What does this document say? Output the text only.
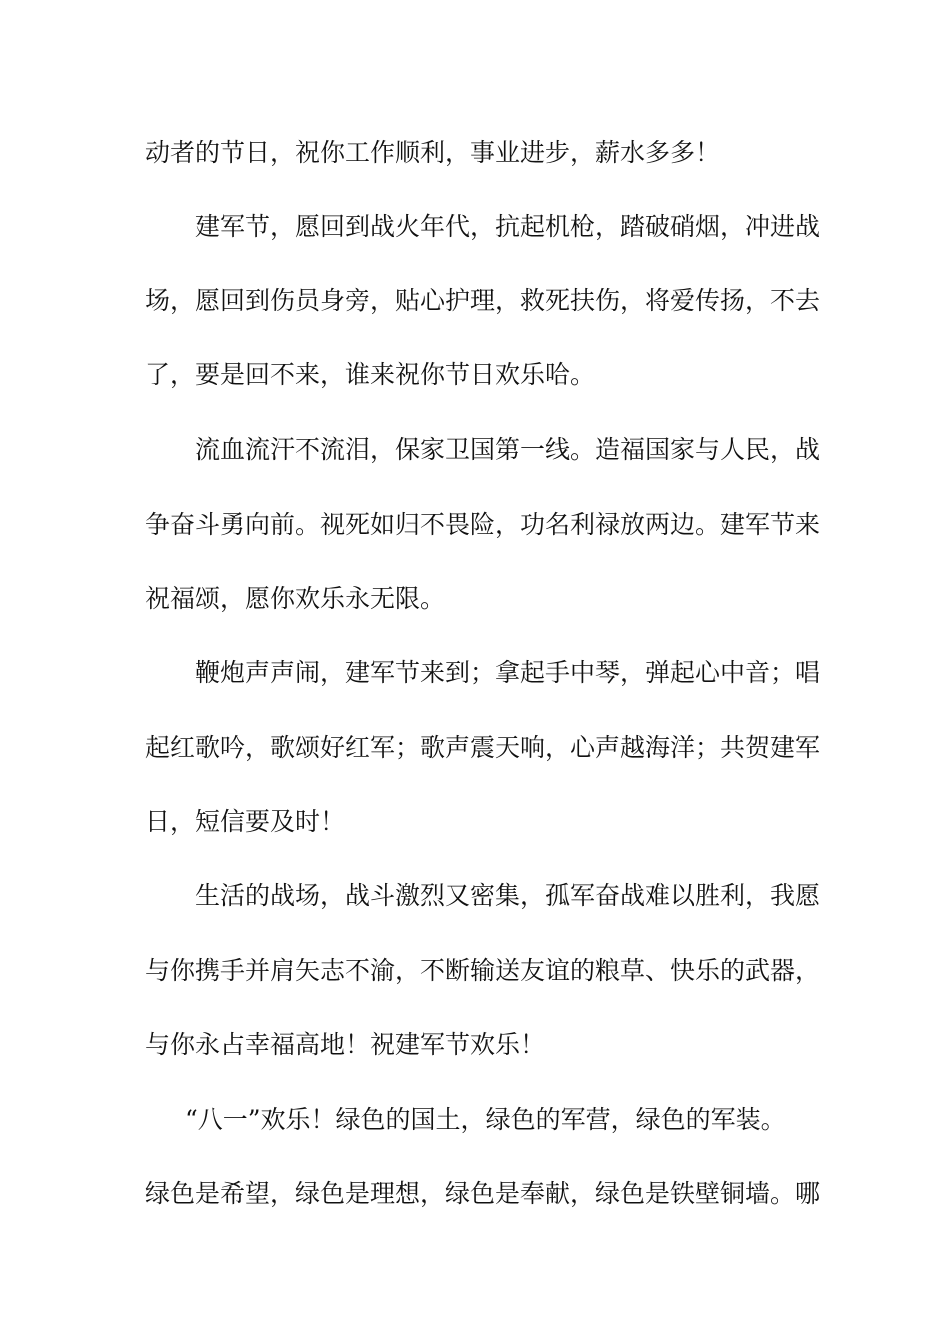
动者的节日，祝你工作顺利，事业进步，薪水多多！
建军节，愿回到战火年代，抗起机枪，踏破硝烟，冲进战
场，愿回到伤员身旁，贴心护理，救死扶伤，将爱传扬，不去
了，要是回不来，谁来祝你节日欢乐哈。
流血流汗不流泪，保家卫国第一线。造福国家与人民，战
争奋斗勇向前。视死如归不畏险，功名利禄放两边。建军节来
祝福颂，愿你欢乐永无限。
鞭炮声声闹，建军节来到；拿起手中琴，弹起心中音；唱
起红歌吟，歌颂好红军；歌声震天响，心声越海洋；共贺建军
日，短信要及时！
生活的战场，战斗激烈又密集，孤军奋战难以胜利，我愿
与你携手并肩矢志不渝，不断输送友谊的粮草、快乐的武器，
与你永占幸福高地！祝建军节欢乐！
“八一”欢乐！绿色的国土，绿色的军营，绿色的军装。
绿色是希望，绿色是理想，绿色是奉献，绿色是铁壁铜墙。哪
